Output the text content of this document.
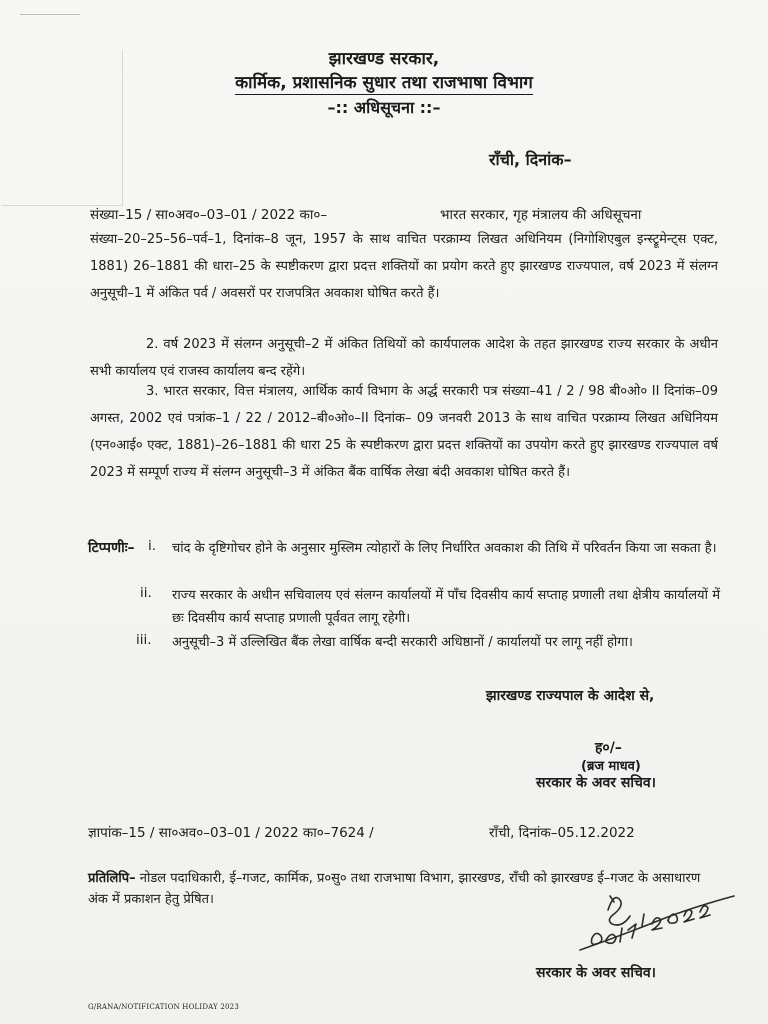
झारखण्ड सरकार,
कार्मिक, प्रशासनिक सुधार तथा राजभाषा विभाग
–:: अधिसूचना ::–
राँची, दिनांक–
संख्या–15 / सा०अव०–03–01 / 2022 का०–	भारत सरकार, गृह मंत्रालय की अधिसूचना
संख्या–20–25–56–पर्व–1, दिनांक–8 जून, 1957 के साथ वाचित परक्राम्य लिखत अधिनियम (निगोशिएबुल इन्स्ट्रूमेन्ट्स एक्ट, 1881) 26–1881 की धारा–25 के स्पष्टीकरण द्वारा प्रदत्त शक्तियों का प्रयोग करते हुए झारखण्ड राज्यपाल, वर्ष 2023 में संलग्न अनुसूची–1 में अंकित पर्व / अवसरों पर राजपत्रित अवकाश घोषित करते हैं।
2. वर्ष 2023 में संलग्न अनुसूची–2 में अंकित तिथियों को कार्यपालक आदेश के तहत झारखण्ड राज्य सरकार के अधीन सभी कार्यालय एवं राजस्व कार्यालय बन्द रहेंगे।
3. भारत सरकार, वित्त मंत्रालय, आर्थिक कार्य विभाग के अर्द्ध सरकारी पत्र संख्या–41 / 2 / 98 बी०ओ० II दिनांक–09 अगस्त, 2002 एवं पत्रांक–1 / 22 / 2012–बी०ओ०–II दिनांक– 09 जनवरी 2013 के साथ वाचित परक्राम्य लिखत अधिनियम (एन०आई० एक्ट, 1881)–26–1881 की धारा 25 के स्पष्टीकरण द्वारा प्रदत्त शक्तियों का उपयोग करते हुए झारखण्ड राज्यपाल वर्ष 2023 में सम्पूर्ण राज्य में संलग्न अनुसूची–3 में अंकित बैंक वार्षिक लेखा बंदी अवकाश घोषित करते हैं।
टिप्पणीः– i. चांद के दृष्टिगोचर होने के अनुसार मुस्लिम त्योहारों के लिए निर्धारित अवकाश की तिथि में परिवर्तन किया जा सकता है।
ii. राज्य सरकार के अधीन सचिवालय एवं संलग्न कार्यालयों में पाँच दिवसीय कार्य सप्ताह प्रणाली तथा क्षेत्रीय कार्यालयों में छः दिवसीय कार्य सप्ताह प्रणाली पूर्ववत लागू रहेगी।
iii. अनुसूची–3 में उल्लिखित बैंक लेखा वार्षिक बन्दी सरकारी अधिष्ठानों / कार्यालयों पर लागू नहीं होगा।
झारखण्ड राज्यपाल के आदेश से,
ह०/–
(ब्रज माधव)
सरकार के अवर सचिव।
ज्ञापांक–15 / सा०अव०–03–01 / 2022 का०–7624 /	राँची, दिनांक–05.12.2022
प्रतिलिपि– नोडल पदाधिकारी, ई–गजट, कार्मिक, प्र०सु० तथा राजभाषा विभाग, झारखण्ड, राँची को झारखण्ड ई–गजट के असाधारण अंक में प्रकाशन हेतु प्रेषित।
सरकार के अवर सचिव।
G/RANA/NOTIFICATION HOLIDAY 2023
